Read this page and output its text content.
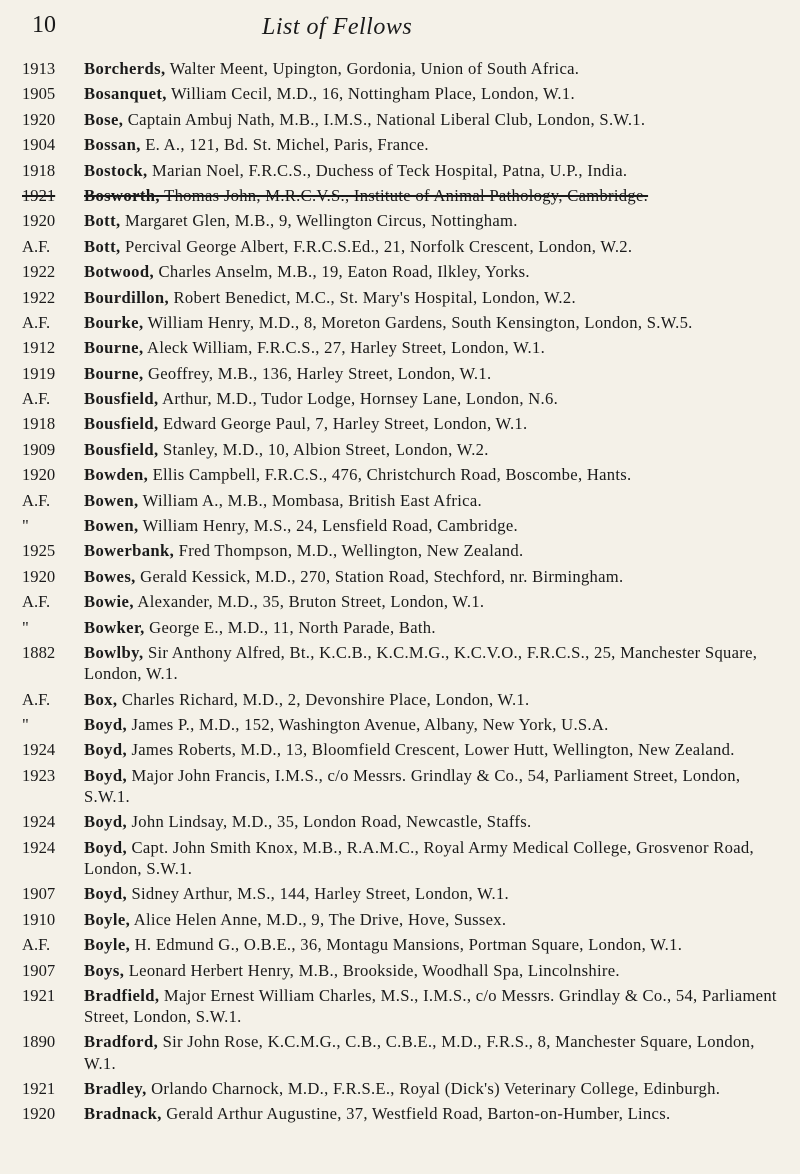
10	List of Fellows
1913	Borcherds, Walter Meent, Upington, Gordonia, Union of South Africa.
1905	Bosanquet, William Cecil, M.D., 16, Nottingham Place, London, W.1.
1920	Bose, Captain Ambuj Nath, M.B., I.M.S., National Liberal Club, London, S.W.1.
1904	Bossan, E. A., 121, Bd. St. Michel, Paris, France.
1918	Bostock, Marian Noel, F.R.C.S., Duchess of Teck Hospital, Patna, U.P., India.
1921	Bosworth, Thomas John, M.R.C.V.S., Institute of Animal Pathology, Cambridge.
1920	Bott, Margaret Glen, M.B., 9, Wellington Circus, Nottingham.
A.F.	Bott, Percival George Albert, F.R.C.S.Ed., 21, Norfolk Crescent, London, W.2.
1922	Botwood, Charles Anselm, M.B., 19, Eaton Road, Ilkley, Yorks.
1922	Bourdillon, Robert Benedict, M.C., St. Mary's Hospital, London, W.2.
A.F.	Bourke, William Henry, M.D., 8, Moreton Gardens, South Kensington, London, S.W.5.
1912	Bourne, Aleck William, F.R.C.S., 27, Harley Street, London, W.1.
1919	Bourne, Geoffrey, M.B., 136, Harley Street, London, W.1.
A.F.	Bousfield, Arthur, M.D., Tudor Lodge, Hornsey Lane, London, N.6.
1918	Bousfield, Edward George Paul, 7, Harley Street, London, W.1.
1909	Bousfield, Stanley, M.D., 10, Albion Street, London, W.2.
1920	Bowden, Ellis Campbell, F.R.C.S., 476, Christchurch Road, Boscombe, Hants.
A.F.	Bowen, William A., M.B., Mombasa, British East Africa.
"	Bowen, William Henry, M.S., 24, Lensfield Road, Cambridge.
1925	Bowerbank, Fred Thompson, M.D., Wellington, New Zealand.
1920	Bowes, Gerald Kessick, M.D., 270, Station Road, Stechford, nr. Birmingham.
A.F.	Bowie, Alexander, M.D., 35, Bruton Street, London, W.1.
"	Bowker, George E., M.D., 11, North Parade, Bath.
1882	Bowlby, Sir Anthony Alfred, Bt., K.C.B., K.C.M.G., K.C.V.O., F.R.C.S., 25, Manchester Square, London, W.1.
A.F.	Box, Charles Richard, M.D., 2, Devonshire Place, London, W.1.
"	Boyd, James P., M.D., 152, Washington Avenue, Albany, New York, U.S.A.
1924	Boyd, James Roberts, M.D., 13, Bloomfield Crescent, Lower Hutt, Wellington, New Zealand.
1923	Boyd, Major John Francis, I.M.S., c/o Messrs. Grindlay & Co., 54, Parliament Street, London, S.W.1.
1924	Boyd, John Lindsay, M.D., 35, London Road, Newcastle, Staffs.
1924	Boyd, Capt. John Smith Knox, M.B., R.A.M.C., Royal Army Medical College, Grosvenor Road, London, S.W.1.
1907	Boyd, Sidney Arthur, M.S., 144, Harley Street, London, W.1.
1910	Boyle, Alice Helen Anne, M.D., 9, The Drive, Hove, Sussex.
A.F.	Boyle, H. Edmund G., O.B.E., 36, Montagu Mansions, Portman Square, London, W.1.
1907	Boys, Leonard Herbert Henry, M.B., Brookside, Woodhall Spa, Lincolnshire.
1921	Bradfield, Major Ernest William Charles, M.S., I.M.S., c/o Messrs. Grindlay & Co., 54, Parliament Street, London, S.W.1.
1890	Bradford, Sir John Rose, K.C.M.G., C.B., C.B.E., M.D., F.R.S., 8, Manchester Square, London, W.1.
1921	Bradley, Orlando Charnock, M.D., F.R.S.E., Royal (Dick's) Veterinary College, Edinburgh.
1920	Bradnack, Gerald Arthur Augustine, 37, Westfield Road, Barton-on-Humber, Lincs.
